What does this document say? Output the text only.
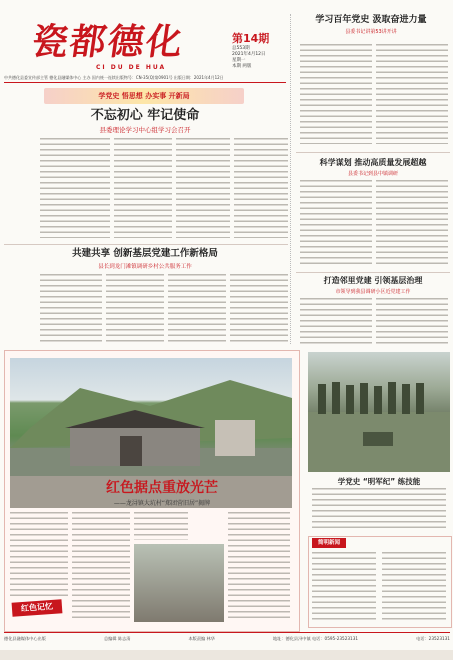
瓷都德化
CI DU DE HUA
第14期
总553期
2021年4月12日
星期一
本期 两版
中共德化县委宣传部主管 德化县融媒体中心 主办 国内统一连续出版物号：CN-35(Q)第0901号 出版日期：2021年4月12日
学党史 悟思想 办实事 开新局
不忘初心 牢记使命
县委理论学习中心组学习会召开
共建共享 创新基层党建工作新格局
县长到龙门滩镇调研乡村公共服务工作
学习百年党史 汲取奋进力量
县委书记讲第53讲开讲
科学谋划 推动高质量发展超越
县委书记到县中镇调研
打造邻里党建 引领基层治理
市领导到我县调研小区近党建工作
红色据点重放光芒
——龙浔镇大坑村“郑团营旧居”揭牌
红色记忆
学党史 “明军纪” 练技能
简明新闻
德化县融媒体中心出版	总编辑 陈志清	本版责编 林华	地址：德化县浔中镇 电话：0595-23523131	电话：23523131
